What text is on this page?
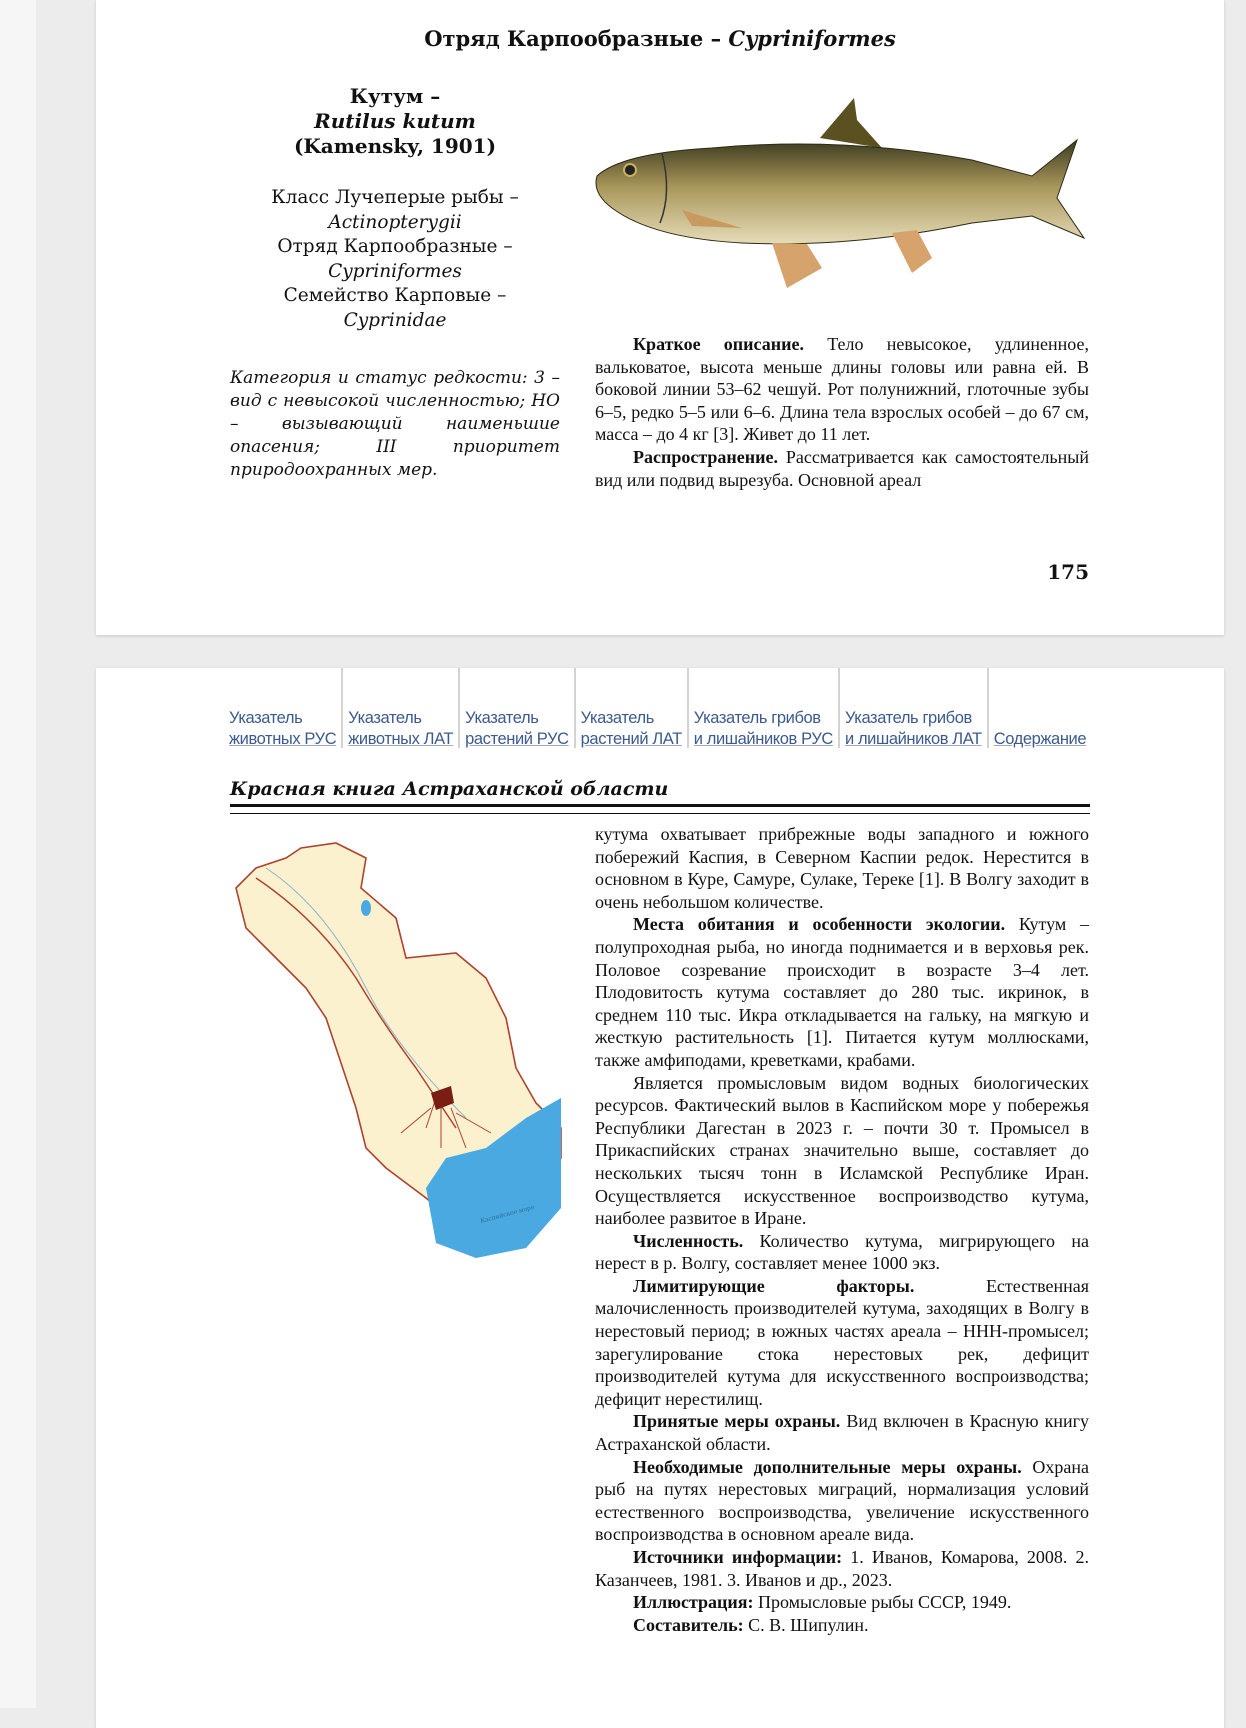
Отряд Карпообразные – Cypriniformes
Кутум –
Rutilus kutum
(Kamensky, 1901)
Класс Лучеперые рыбы –
Actinopterygii
Отряд Карпообразные –
Cypriniformes
Семейство Карповые –
Cyprinidae
Категория и статус редкости: 3 – вид с невысокой численностью; НО – вызывающий наименьшие опасения; III приоритет природоохранных мер.

Краткое описание. Тело невысокое, удлиненное, вальковатое, высота меньше длины головы или равна ей. В боковой линии 53–62 чешуй. Рот полунижний, глоточные зубы 6–5, редко 5–5 или 6–6. Длина тела взрослых особей – до 67 см, масса – до 4 кг [3]. Живет до 11 лет.

Распространение. Рассматривается как самостоятельный вид или подвид вырезуба. Основной ареал

175
Указатель
животных РУС
Указатель
животных ЛАТ
Указатель
растений РУС
Указатель
растений ЛАТ
Указатель грибов
и лишайников РУС
Указатель грибов
и лишайников ЛАТ
Содержание
Красная книга Астраханской области
Каспийское море

кутума охватывает прибрежные воды западного и южного побережий Каспия, в Северном Каспии редок. Нерестится в основном в Куре, Самуре, Сулаке, Тереке [1]. В Волгу заходит в очень небольшом количестве.

Места обитания и особенности экологии. Кутум – полупроходная рыба, но иногда поднимается и в верховья рек. Половое созревание происходит в возрасте 3–4 лет. Плодовитость кутума составляет до 280 тыс. икринок, в среднем 110 тыс. Икра откладывается на гальку, на мягкую и жесткую растительность [1]. Питается кутум моллюсками, также амфиподами, креветками, крабами.

Является промысловым видом водных биологических ресурсов. Фактический вылов в Каспийском море у побережья Республики Дагестан в 2023 г. – почти 30 т. Промысел в Прикаспийских странах значительно выше, составляет до нескольких тысяч тонн в Исламской Республике Иран. Осуществляется искусственное воспроизводство кутума, наиболее развитое в Иране.

Численность. Количество кутума, мигрирующего на нерест в р. Волгу, составляет менее 1000 экз.

Лимитирующие факторы. Естественная малочисленность производителей кутума, заходящих в Волгу в нерестовый период; в южных частях ареала – ННН-промысел; зарегулирование стока нерестовых рек, дефицит производителей кутума для искусственного воспроизводства; дефицит нерестилищ.

Принятые меры охраны. Вид включен в Красную книгу Астраханской области.

Необходимые дополнительные меры охраны. Охрана рыб на путях нерестовых миграций, нормализация условий естественного воспроизводства, увеличение искусственного воспроизводства в основном ареале вида.

Источники информации: 1. Иванов, Комарова, 2008. 2. Казанчеев, 1981. 3. Иванов и др., 2023.

Иллюстрация: Промысловые рыбы СССР, 1949.

Составитель: С. В. Шипулин.
